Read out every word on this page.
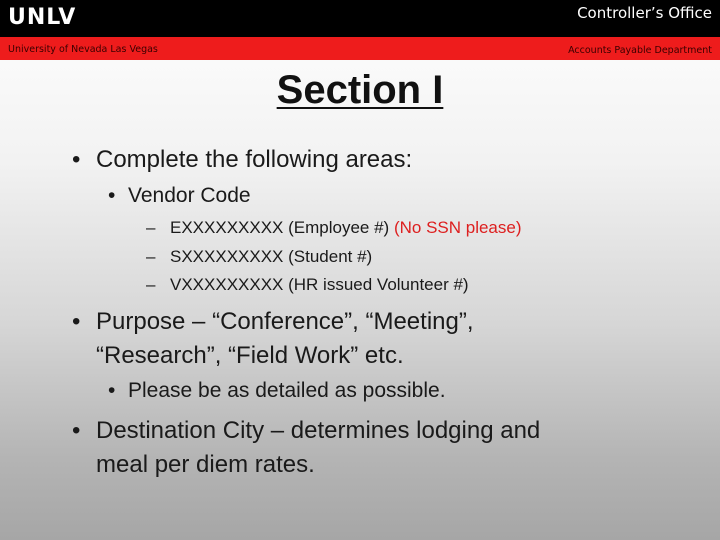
UNLV	Controller’s Office
University of Nevada Las Vegas	Accounts Payable Department
Section I
• Complete the following areas:
• Vendor Code
– EXXXXXXXXX (Employee #) (No SSN please)
– SXXXXXXXXX (Student #)
– VXXXXXXXXX (HR issued Volunteer #)
• Purpose – “Conference”, “Meeting”,
“Research”, “Field Work” etc.
• Please be as detailed as possible.
• Destination City – determines lodging and
meal per diem rates.
